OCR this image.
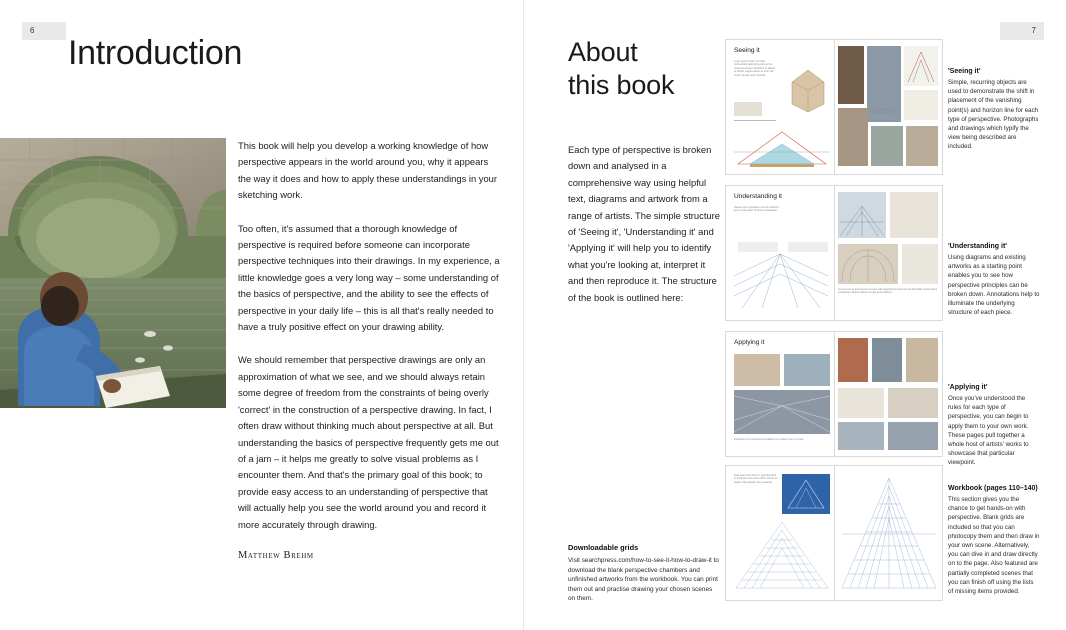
6
Introduction

This book will help you develop a working knowledge of how perspective appears in the world around you, why it appears the way it does and how to apply these understandings in your sketching work.

Too often, it's assumed that a thorough knowledge of perspective is required before someone can incorporate perspective techniques into their drawings. In my experience, a little knowledge goes a very long way – some understanding of the basics of perspective, and the ability to see the effects of perspective in your daily life – this is all that's really needed to have a truly positive effect on your drawing ability.

We should remember that perspective drawings are only an approximation of what we see, and we should always retain some degree of freedom from the constraints of being overly 'correct' in the construction of a perspective drawing. In fact, I often draw without thinking much about perspective at all. But understanding the basics of perspective frequently gets me out of a jam – it helps me greatly to solve visual problems as I encounter them. And that's the primary goal of this book; to provide easy access to an understanding of perspective that will actually help you see the world around you and record it more accurately through drawing.

Matthew Brehm
7
About
this book
Each type of perspective is broken down and analysed in a comprehensive way using helpful text, diagrams and artwork from a range of artists. The simple structure of 'Seeing it', 'Understanding it' and 'Applying it' will help you to identify what you're looking at, interpret it and then reproduce it. The structure of the book is outlined here:
Downloadable grids

Visit searchpress.com/how-to-see-it-how-to-draw-it to download the blank perspective chambers and unfinished artworks from the workbook. You can print them out and practise drawing your chosen scenes on them.

Seeing it
Lorem ipsum dolor sit amet consectetur adipiscing elit sed do eiusmod tempor incididunt ut labore et dolore magna aliqua ut enim ad minim veniam quis nostrud.
Sed ut perspiciatis unde omnis iste natus error sit.
Understanding it
Neque porro quisquam est qui dolorem ipsum quia dolor sit amet consectetur.
At vero eos et accusamus et iusto odio dignissimos ducimus qui blanditiis praesentium voluptatum deleniti atque corrupti quos dolores.
Applying it
Excepteur sint occaecat cupidatat non proident sunt in culpa.
Duis aute irure dolor in reprehenderit in voluptate velit esse cillum dolore eu fugiat nulla pariatur sint occaecat.
'Seeing it'

Simple, recurring objects are used to demonstrate the shift in placement of the vanishing point(s) and horizon line for each type of perspective. Photographs and drawings which typify the view being described are included.

'Understanding it'

Using diagrams and existing artworks as a starting point enables you to see how perspective principles can be broken down. Annotations help to illuminate the underlying structure of each piece.

'Applying it'

Once you've understood the rules for each type of perspective, you can begin to apply them to your own work. These pages pull together a whole host of artists' works to showcase that particular viewpoint.

Workbook (pages 110–140)

This section gives you the chance to get hands-on with perspective. Blank grids are included so that you can photocopy them and then draw in your own scene. Alternatively, you can dive in and draw directly on to the page. Also featured are partially completed scenes that you can finish off using the lists of missing items provided.
